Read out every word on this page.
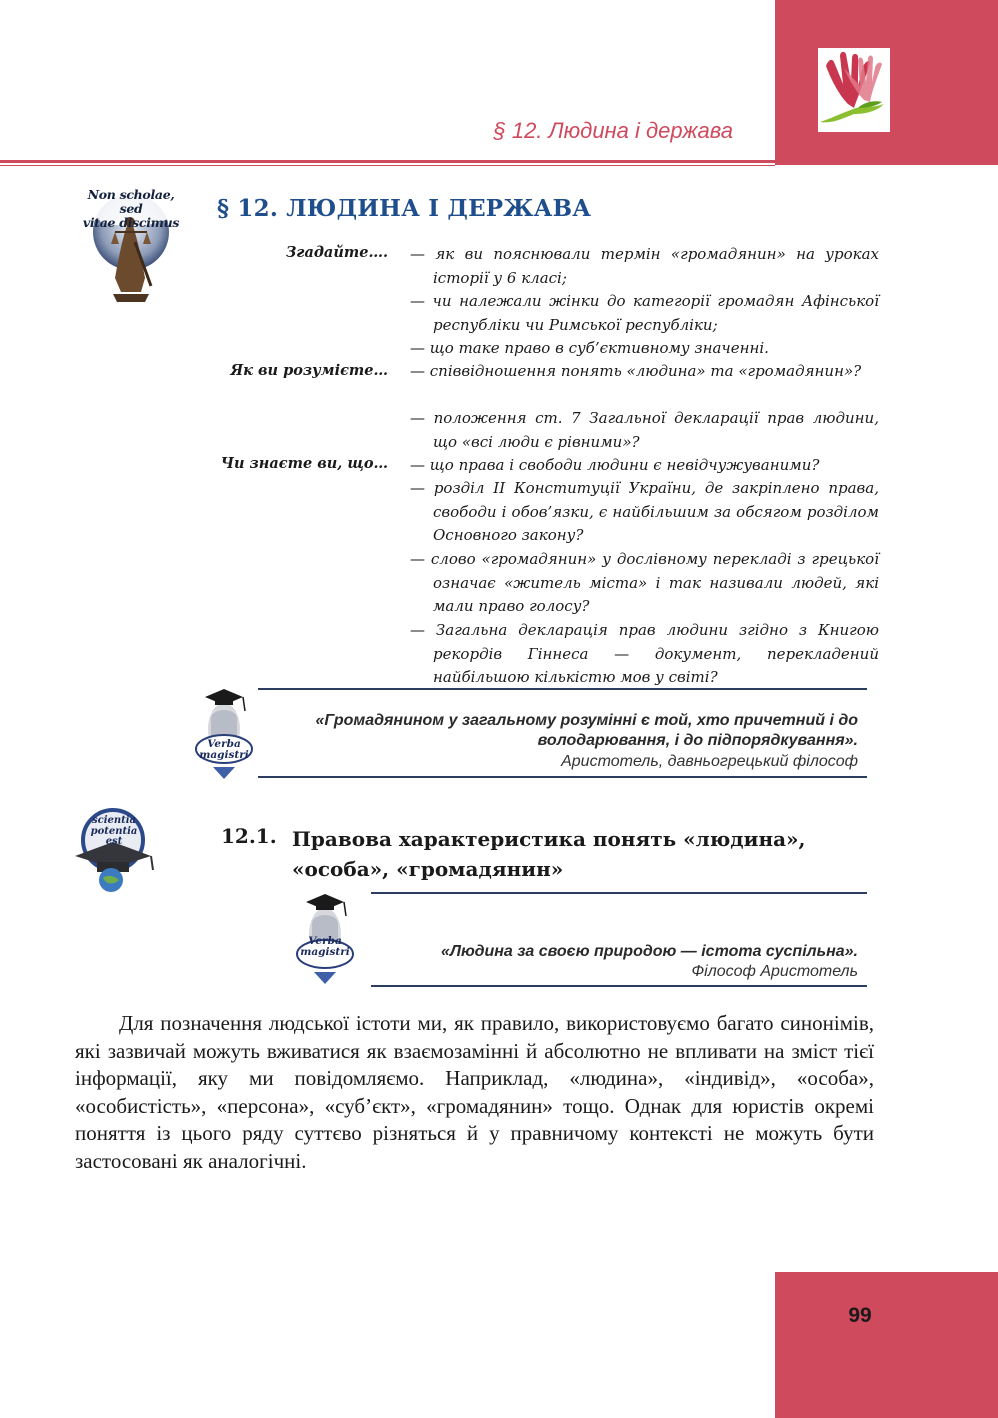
§ 12. Людина і держава
Non scholae, sed
vitae discimus
§ 12. ЛЮДИНА І ДЕРЖАВА
Згадайте…. — як ви пояснювали термін «громадянин» на уроках історії у 6 класі;
— чи належали жінки до категорії громадян Афінської республіки чи Римської республіки;
— що таке право в суб’єктивному значенні.
Як ви розумієте… — співвідношення понять «людина» та «громадянин»?
— положення ст. 7 Загальної декларації прав людини, що «всі люди є рівними»?
Чи знаєте ви, що… — що права і свободи людини є невідчужуваними?
— розділ ІІ Конституції України, де закріплено права, свободи і обов’язки, є найбільшим за обсягом розділом Основного закону?
— слово «громадянин» у дослівному перекладі з грецької означає «житель міста» і так називали людей, які мали право голосу?
— Загальна декларація прав людини згідно з Книгою рекордів Гіннеса — документ, перекладений найбільшою кількістю мов у світі?
Verba
magistri
«Громадянином у загальному розумінні є той, хто причетний і до володарювання, і до підпорядкування».
Аристотель, давньогрецький філософ
scientia
potentia
est	12.1. Правова характеристика понять «людина», «особа», «громадянин»
Verba
magistri	«Людина за своєю природою — істота суспільна».
Філософ Аристотель
Для позначення людської істоти ми, як правило, використовуємо багато синонімів, які зазвичай можуть вживатися як взаємозамінні й абсолютно не впливати на зміст тієї інформації, яку ми повідомляємо. Наприклад, «людина», «індивід», «особа», «особистість», «персона», «суб’єкт», «громадянин» тощо. Однак для юристів окремі поняття із цього ряду суттєво різняться й у правничому контексті не можуть бути застосовані як аналогічні.
99
